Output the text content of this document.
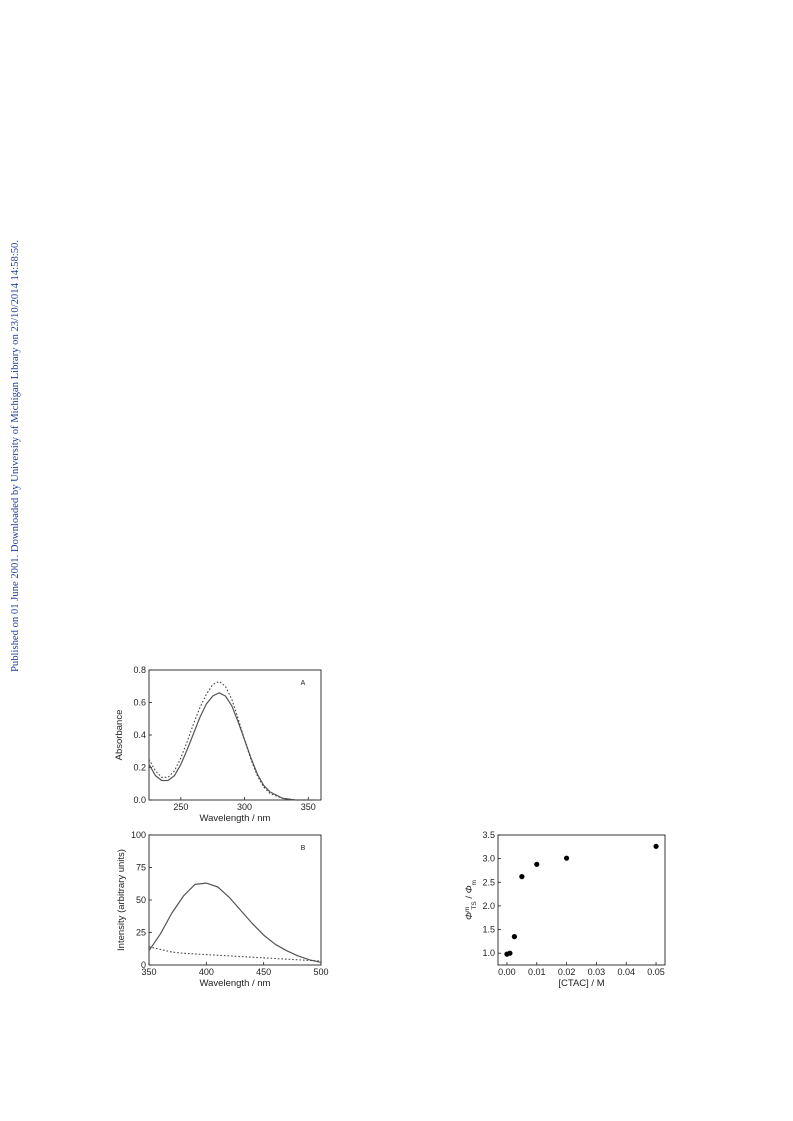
Published on 01 June 2001. Downloaded by University of Michigan Library on 23/10/2014 14:58:50.
250	300	350
0.0
0.2
0.4
0.6
0.8
Wavelength / nm
Absorbance
A
350	400	450	500
0
25
50
75
100
Wavelength / nm
Intensity (arbitrary units)
B
0.00 0.01 0.02 0.03 0.04 0.05
1.0
1.5
2.0
2.5
3.0
3.5
[CTAC] / M
$\Phi^m_{TS} / \Phi_m$
